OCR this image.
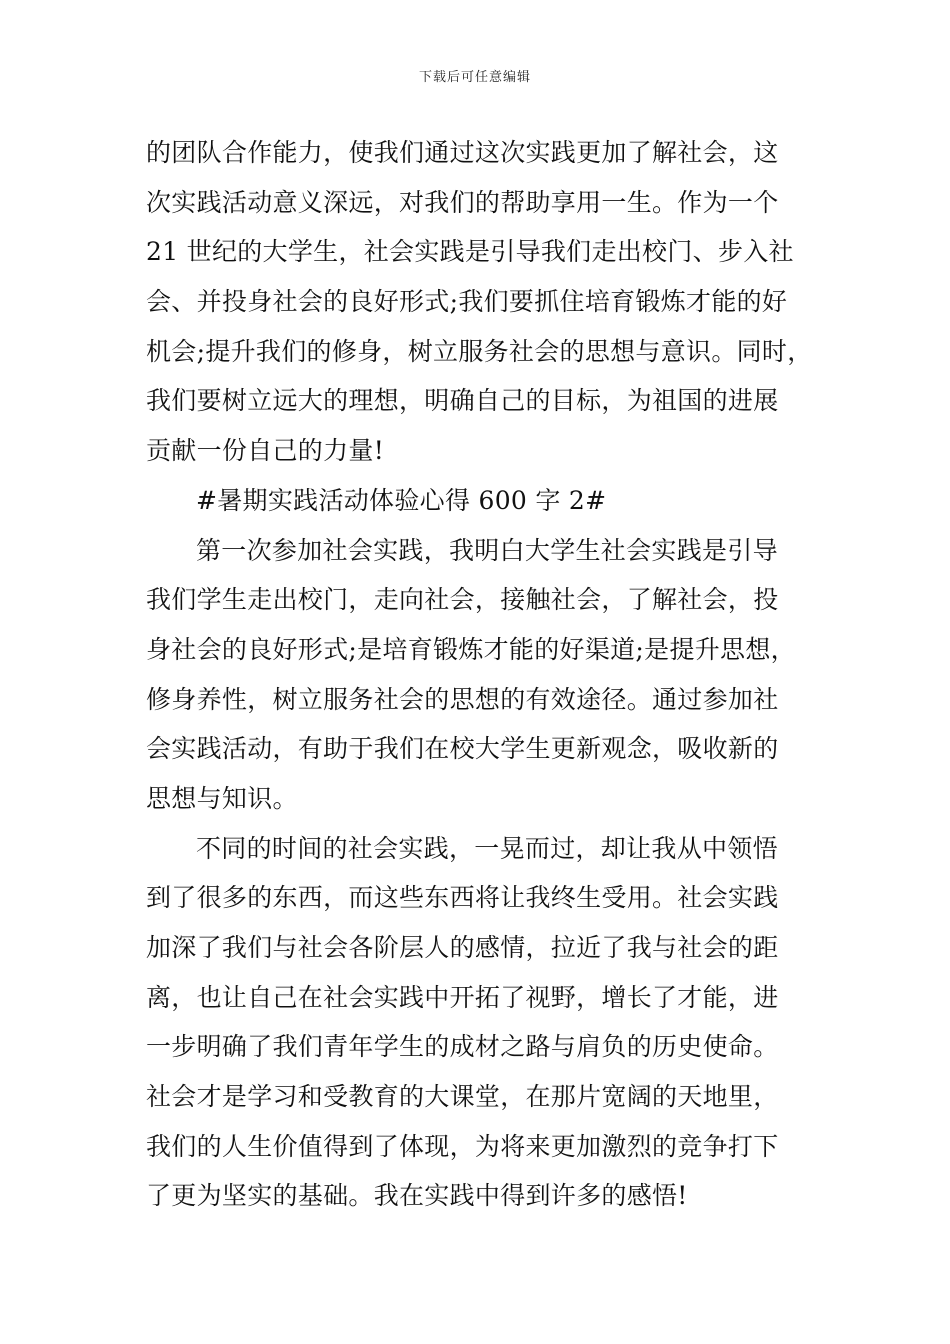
下载后可任意编辑
的团队合作能力，使我们通过这次实践更加了解社会，这
次实践活动意义深远，对我们的帮助享用一生。作为一个
21 世纪的大学生，社会实践是引导我们走出校门、步入社
会、并投身社会的良好形式;我们要抓住培育锻炼才能的好
机会;提升我们的修身，树立服务社会的思想与意识。同时，
我们要树立远大的理想，明确自己的目标，为祖国的进展
贡献一份自己的力量!
#暑期实践活动体验心得 600 字 2#
第一次参加社会实践，我明白大学生社会实践是引导
我们学生走出校门，走向社会，接触社会，了解社会，投
身社会的良好形式;是培育锻炼才能的好渠道;是提升思想，
修身养性，树立服务社会的思想的有效途径。通过参加社
会实践活动，有助于我们在校大学生更新观念，吸收新的
思想与知识。
不同的时间的社会实践，一晃而过，却让我从中领悟
到了很多的东西，而这些东西将让我终生受用。社会实践
加深了我们与社会各阶层人的感情，拉近了我与社会的距
离，也让自己在社会实践中开拓了视野，增长了才能，进
一步明确了我们青年学生的成材之路与肩负的历史使命。
社会才是学习和受教育的大课堂，在那片宽阔的天地里，
我们的人生价值得到了体现，为将来更加激烈的竞争打下
了更为坚实的基础。我在实践中得到许多的感悟!
